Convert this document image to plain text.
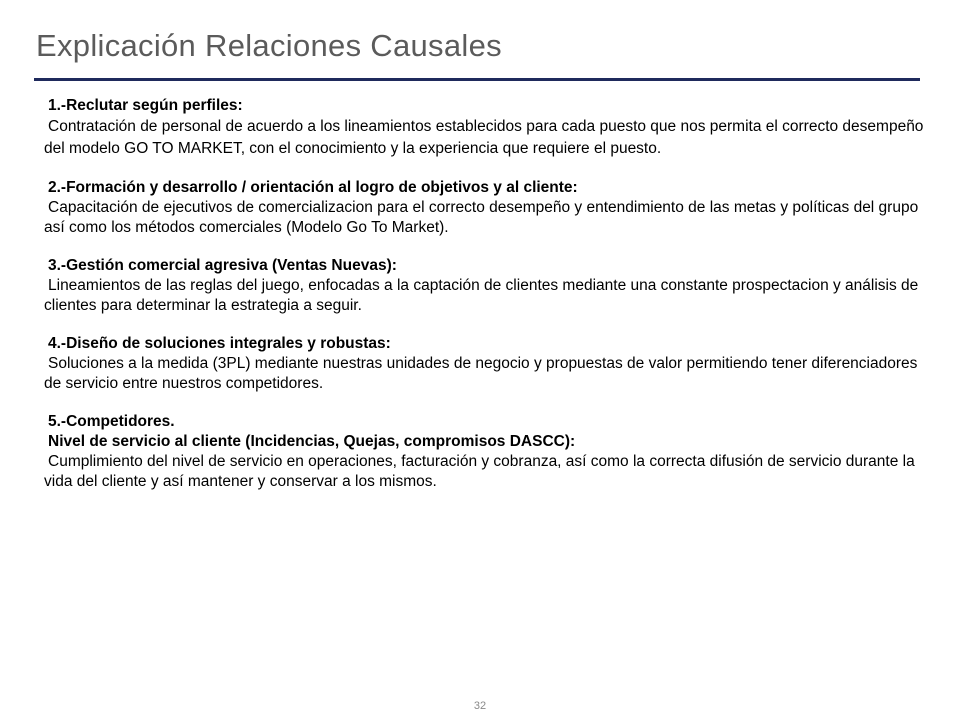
Explicación Relaciones Causales
1.-Reclutar según perfiles:
Contratación de personal de acuerdo a los lineamientos establecidos para cada puesto que nos permita el correcto desempeño del modelo GO TO MARKET, con el conocimiento y la experiencia que requiere el puesto.
2.-Formación y desarrollo / orientación al logro de objetivos y al cliente:
Capacitación de ejecutivos de comercializacion para el correcto desempeño y entendimiento de las metas y políticas del grupo así como los métodos comerciales (Modelo Go To Market).
3.-Gestión comercial agresiva (Ventas Nuevas):
Lineamientos de las reglas del juego, enfocadas a la captación de clientes mediante una constante prospectacion y análisis de clientes para determinar la estrategia a seguir.
4.-Diseño de soluciones integrales y robustas:
Soluciones a la medida (3PL) mediante nuestras unidades de negocio y propuestas de valor permitiendo tener diferenciadores de servicio entre nuestros competidores.
5.-Competidores.
Nivel de servicio al cliente (Incidencias, Quejas, compromisos DASCC):
Cumplimiento del nivel de servicio en operaciones, facturación y cobranza, así como la correcta difusión de servicio durante la vida del cliente y así mantener y conservar a los mismos.
32
